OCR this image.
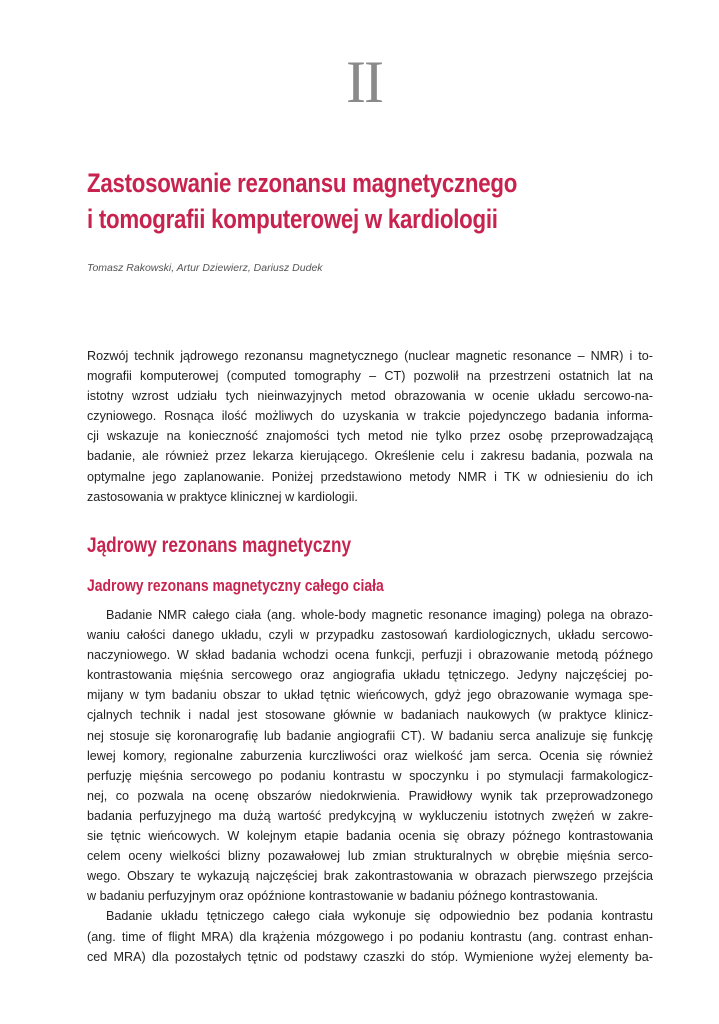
II
Zastosowanie rezonansu magnetycznego
i tomografii komputerowej w kardiologii
Tomasz Rakowski, Artur Dziewierz, Dariusz Dudek
Rozwój technik jądrowego rezonansu magnetycznego (nuclear magnetic resonance – NMR) i to-
mografii komputerowej (computed tomography – CT) pozwolił na przestrzeni ostatnich lat na
istotny wzrost udziału tych nieinwazyjnych metod obrazowania w ocenie układu sercowo-na-
czyniowego. Rosnąca ilość możliwych do uzyskania w trakcie pojedynczego badania informa-
cji wskazuje na konieczność znajomości tych metod nie tylko przez osobę przeprowadzającą
badanie, ale również przez lekarza kierującego. Określenie celu i zakresu badania, pozwala na
optymalne jego zaplanowanie. Poniżej przedstawiono metody NMR i TK w odniesieniu do ich
zastosowania w praktyce klinicznej w kardiologii.
Jądrowy rezonans magnetyczny
Jadrowy rezonans magnetyczny całego ciała
Badanie NMR całego ciała (ang. whole-body magnetic resonance imaging) polega na obrazo-
waniu całości danego układu, czyli w przypadku zastosowań kardiologicznych, układu sercowo-
naczyniowego. W skład badania wchodzi ocena funkcji, perfuzji i obrazowanie metodą późnego
kontrastowania mięśnia sercowego oraz angiografia układu tętniczego. Jedyny najczęściej po-
mijany w tym badaniu obszar to układ tętnic wieńcowych, gdyż jego obrazowanie wymaga spe-
cjalnych technik i nadal jest stosowane głównie w badaniach naukowych (w praktyce klinicz-
nej stosuje się koronarografię lub badanie angiografii CT). W badaniu serca analizuje się funkcję
lewej komory, regionalne zaburzenia kurczliwości oraz wielkość jam serca. Ocenia się również
perfuzję mięśnia sercowego po podaniu kontrastu w spoczynku i po stymulacji farmakologicz-
nej, co pozwala na ocenę obszarów niedokrwienia. Prawidłowy wynik tak przeprowadzonego
badania perfuzyjnego ma dużą wartość predykcyjną w wykluczeniu istotnych zwężeń w zakre-
sie tętnic wieńcowych. W kolejnym etapie badania ocenia się obrazy późnego kontrastowania
celem oceny wielkości blizny pozawałowej lub zmian strukturalnych w obrębie mięśnia serco-
wego. Obszary te wykazują najczęściej brak zakontrastowania w obrazach pierwszego przejścia
w badaniu perfuzyjnym oraz opóźnione kontrastowanie w badaniu późnego kontrastowania.
Badanie układu tętniczego całego ciała wykonuje się odpowiednio bez podania kontrastu
(ang. time of flight MRA) dla krążenia mózgowego i po podaniu kontrastu (ang. contrast enhan-
ced MRA) dla pozostałych tętnic od podstawy czaszki do stóp. Wymienione wyżej elementy ba-
